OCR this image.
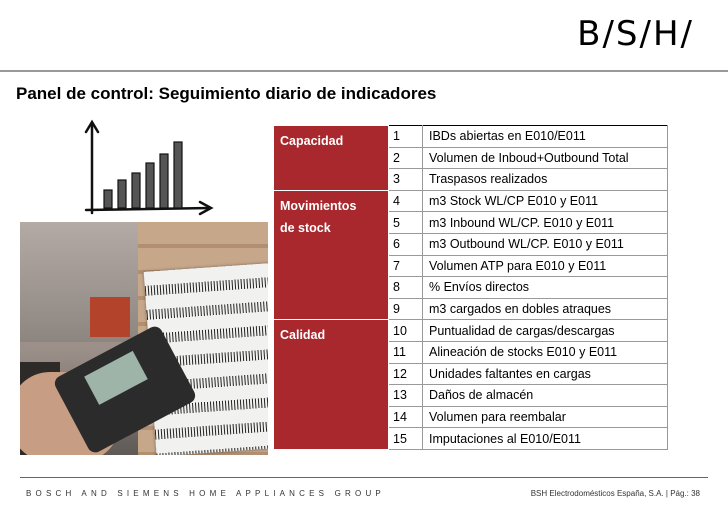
B/S/H/
Panel de control: Seguimiento diario de indicadores
Capacidad	1	IBDs abiertas en E010/E011
	2	Volumen de Inboud+Outbound Total
	3	Traspasos realizados

Movimientos
de stock	4	m3 Stock WL/CP E010 y E011
	5	m3 Inbound WL/CP. E010 y E011
	6	m3 Outbound WL/CP. E010 y E011
	7	Volumen ATP para E010 y E011
	8	% Envíos directos
	9	m3 cargados en dobles atraques

Calidad	10	Puntualidad de cargas/descargas
	11	Alineación de stocks E010 y E011
	12	Unidades faltantes en cargas
	13	Daños de almacén
	14	Volumen para reembalar
	15	Imputaciones al E010/E011
BOSCH AND SIEMENS HOME APPLIANCES GROUP	BSH Electrodomésticos España, S.A. | Pág.: 38
